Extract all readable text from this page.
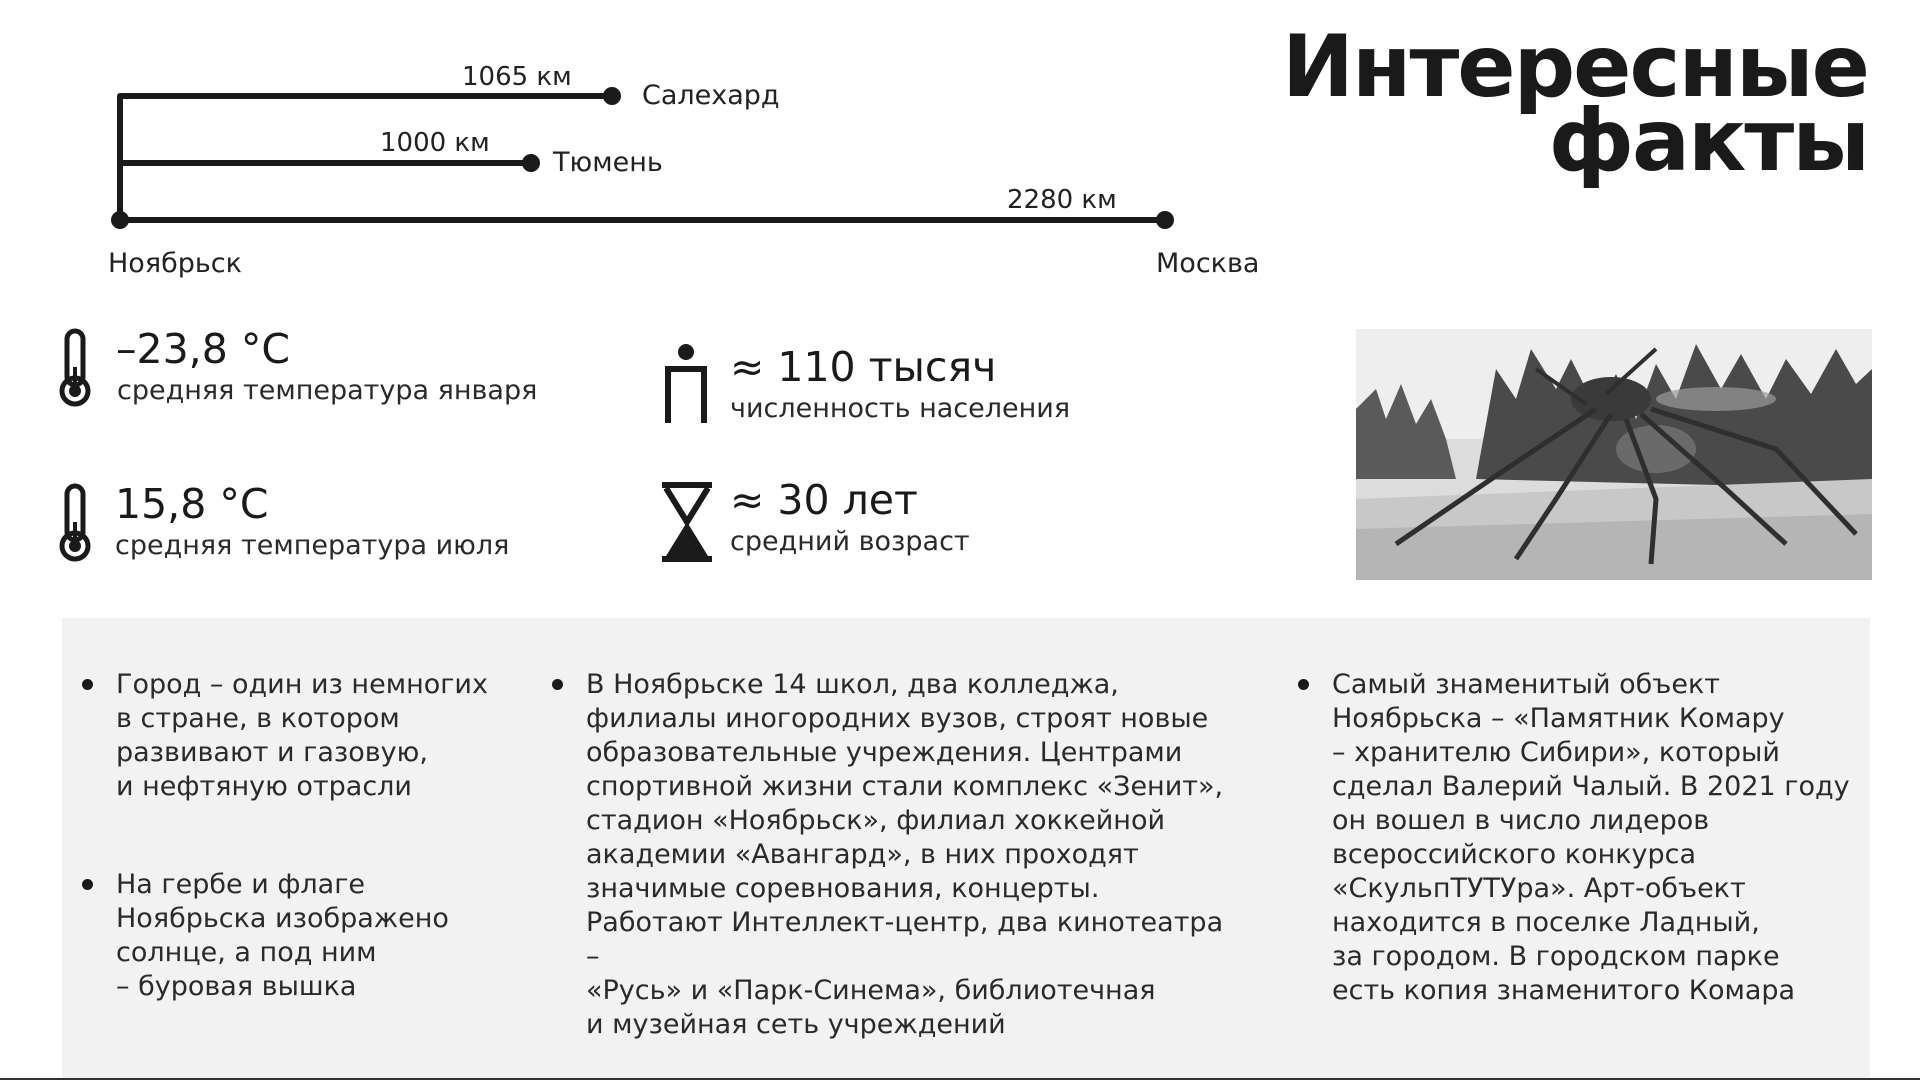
Интересные
факты
1065 км
Салехард
1000 км
Тюмень
2280 км
Москва
Ноябрьск
–23,8 °С
средняя температура января
15,8 °С
средняя температура июля
≈ 110 тысяч
численность населения
≈ 30 лет
средний возраст
Город – один из немногих
в стране, в котором
развивают и газовую,
и нефтяную отрасли
На гербе и флаге
Ноябрьска изображено
солнце, а под ним
– буровая вышка
В Ноябрьске 14 школ, два колледжа,
филиалы иногородних вузов, строят новые
образовательные учреждения. Центрами
спортивной жизни стали комплекс «Зенит»,
стадион «Ноябрьск», филиал хоккейной
академии «Авангард», в них проходят
значимые соревнования, концерты.
Работают Интеллект-центр, два кинотеатра –
«Русь» и «Парк-Синема», библиотечная
и музейная сеть учреждений
Самый знаменитый объект
Ноябрьска – «Памятник Комару
– хранителю Сибири», который
сделал Валерий Чалый. В 2021 году
он вошел в число лидеров
всероссийского конкурса
«СкульпТУТУра». Арт-объект
находится в поселке Ладный,
за городом. В городском парке
есть копия знаменитого Комара
